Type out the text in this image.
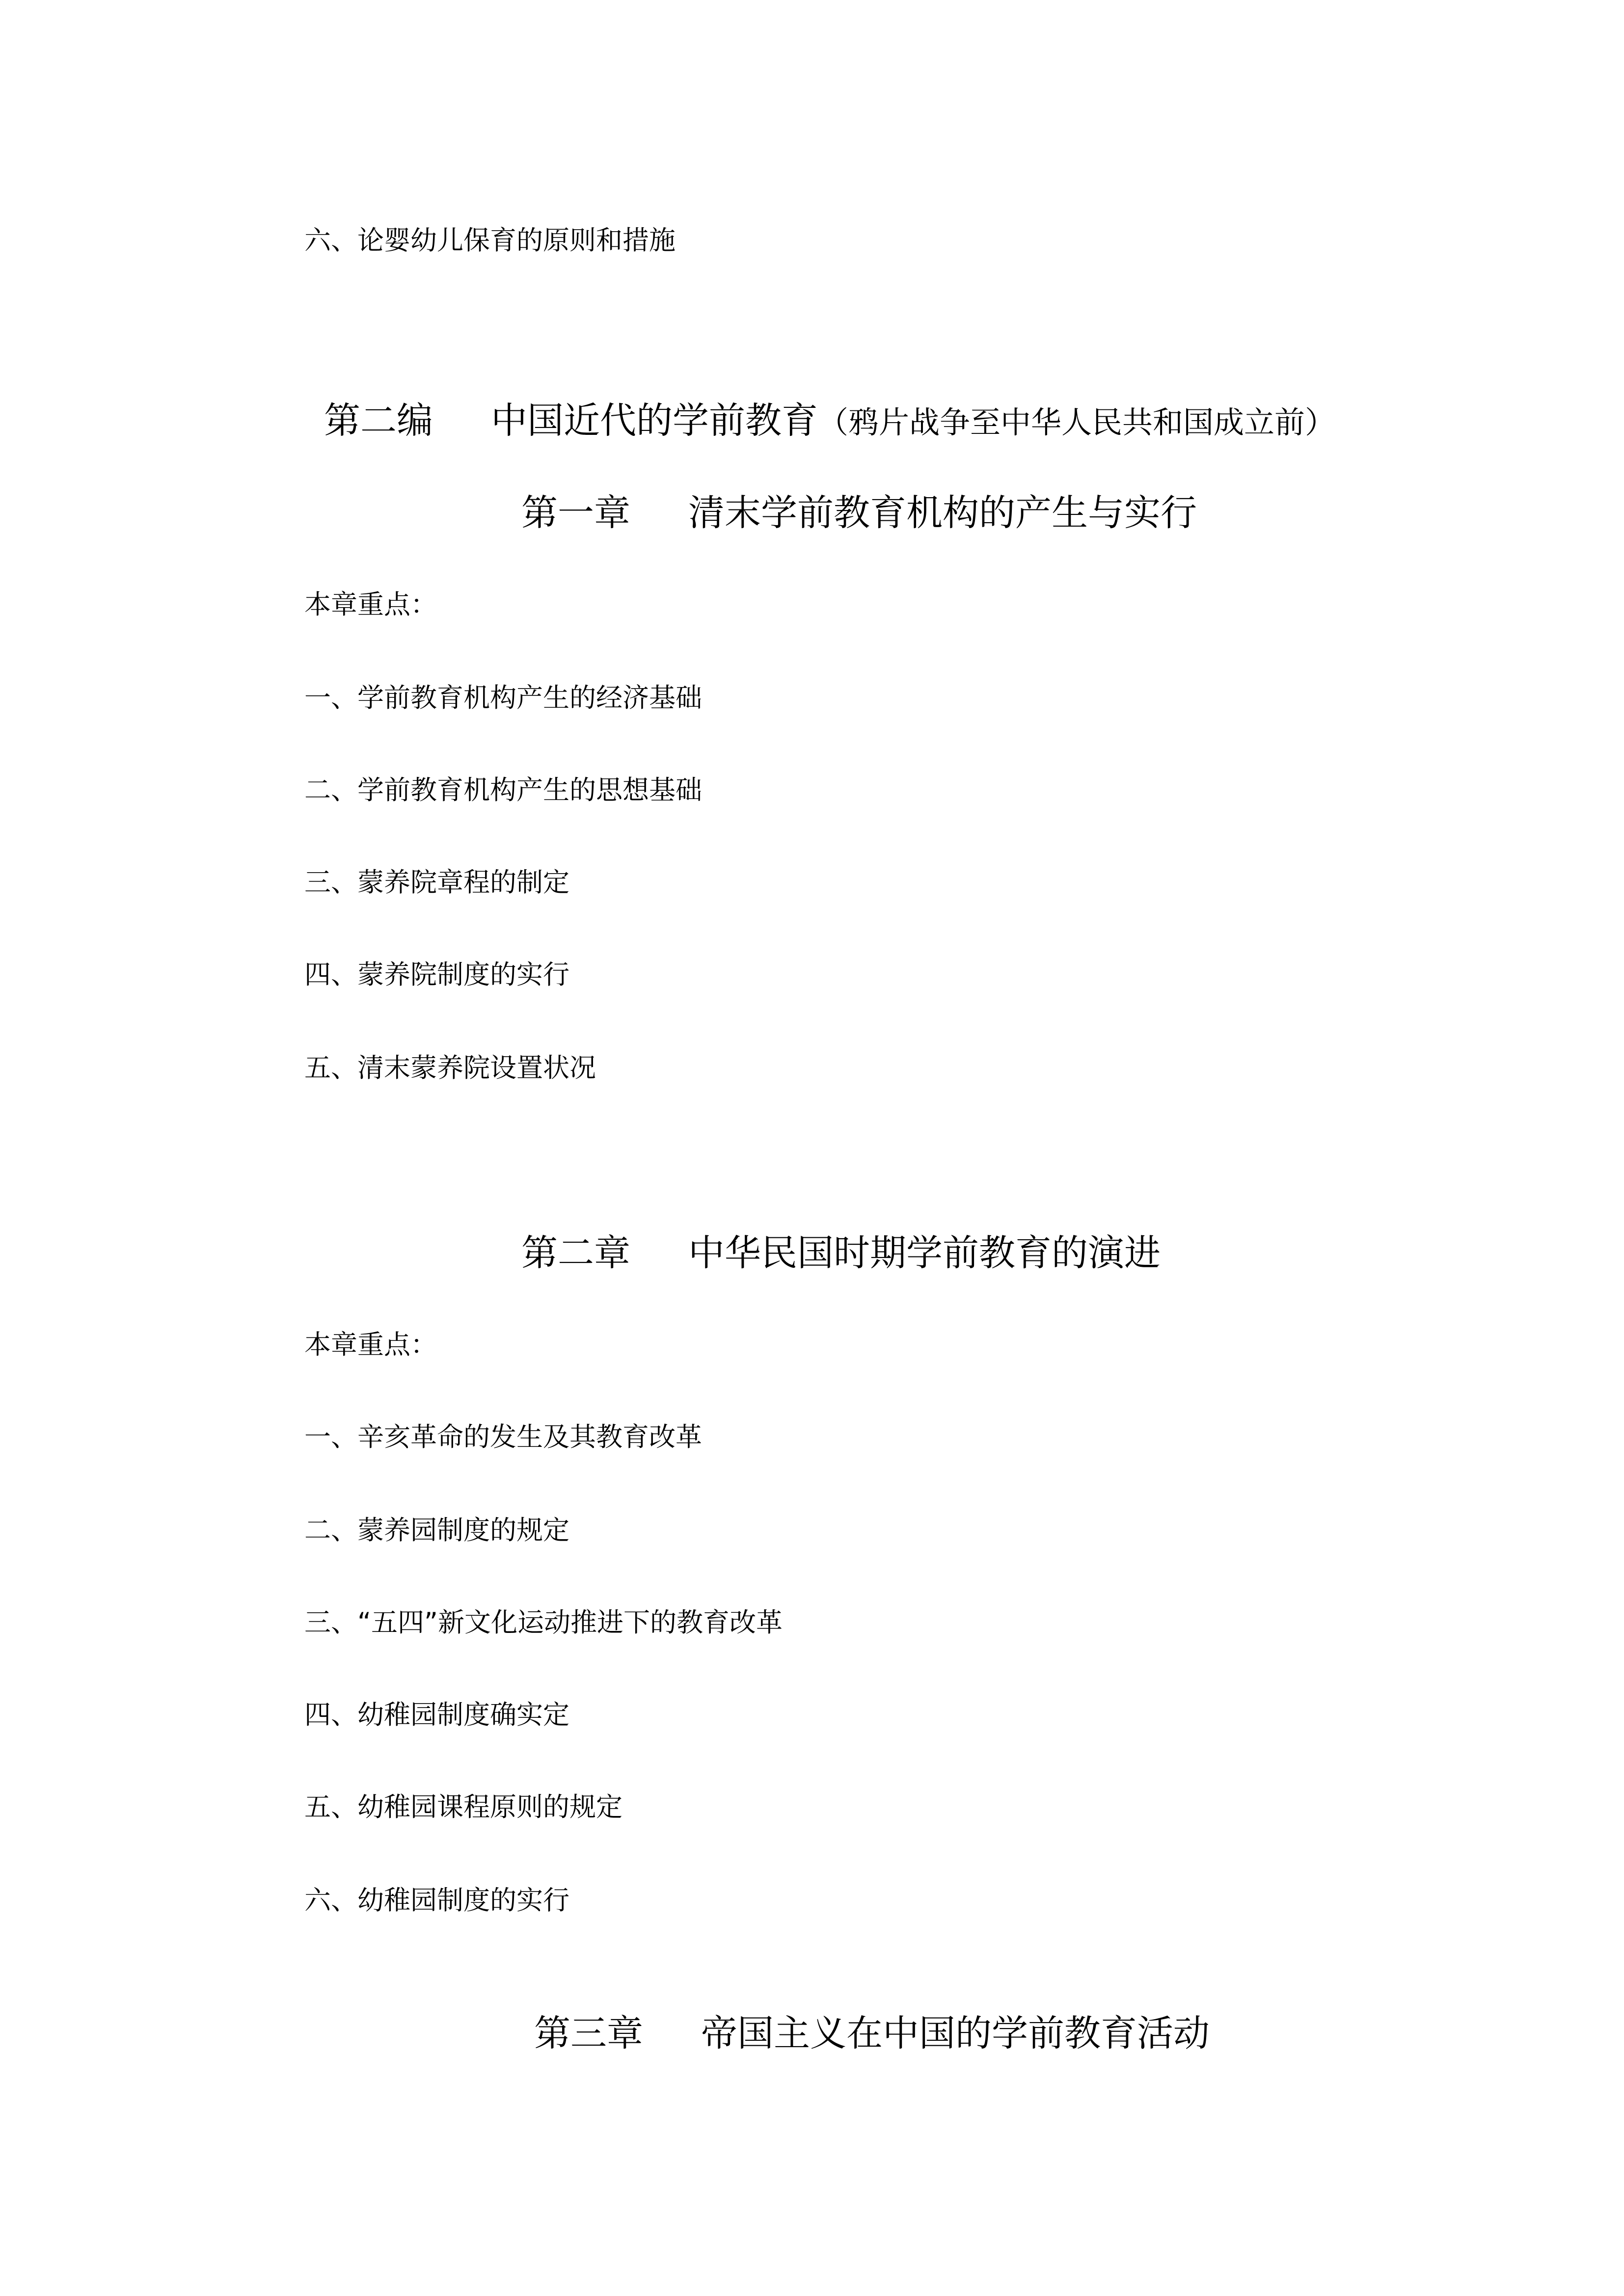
六、论婴幼儿保育的原则和措施
第二编 中国近代的学前教育（鸦片战争至中华人民共和国成立前）
第一章 清末学前教育机构的产生与实行
本章重点：
一、学前教育机构产生的经济基础
二、学前教育机构产生的思想基础
三、蒙养院章程的制定
四、蒙养院制度的实行
五、清末蒙养院设置状况
第二章 中华民国时期学前教育的演进
本章重点：
一、辛亥革命的发生及其教育改革
二、蒙养园制度的规定
三、“五四”新文化运动推进下的教育改革
四、幼稚园制度确实定
五、幼稚园课程原则的规定
六、幼稚园制度的实行
第三章 帝国主义在中国的学前教育活动
